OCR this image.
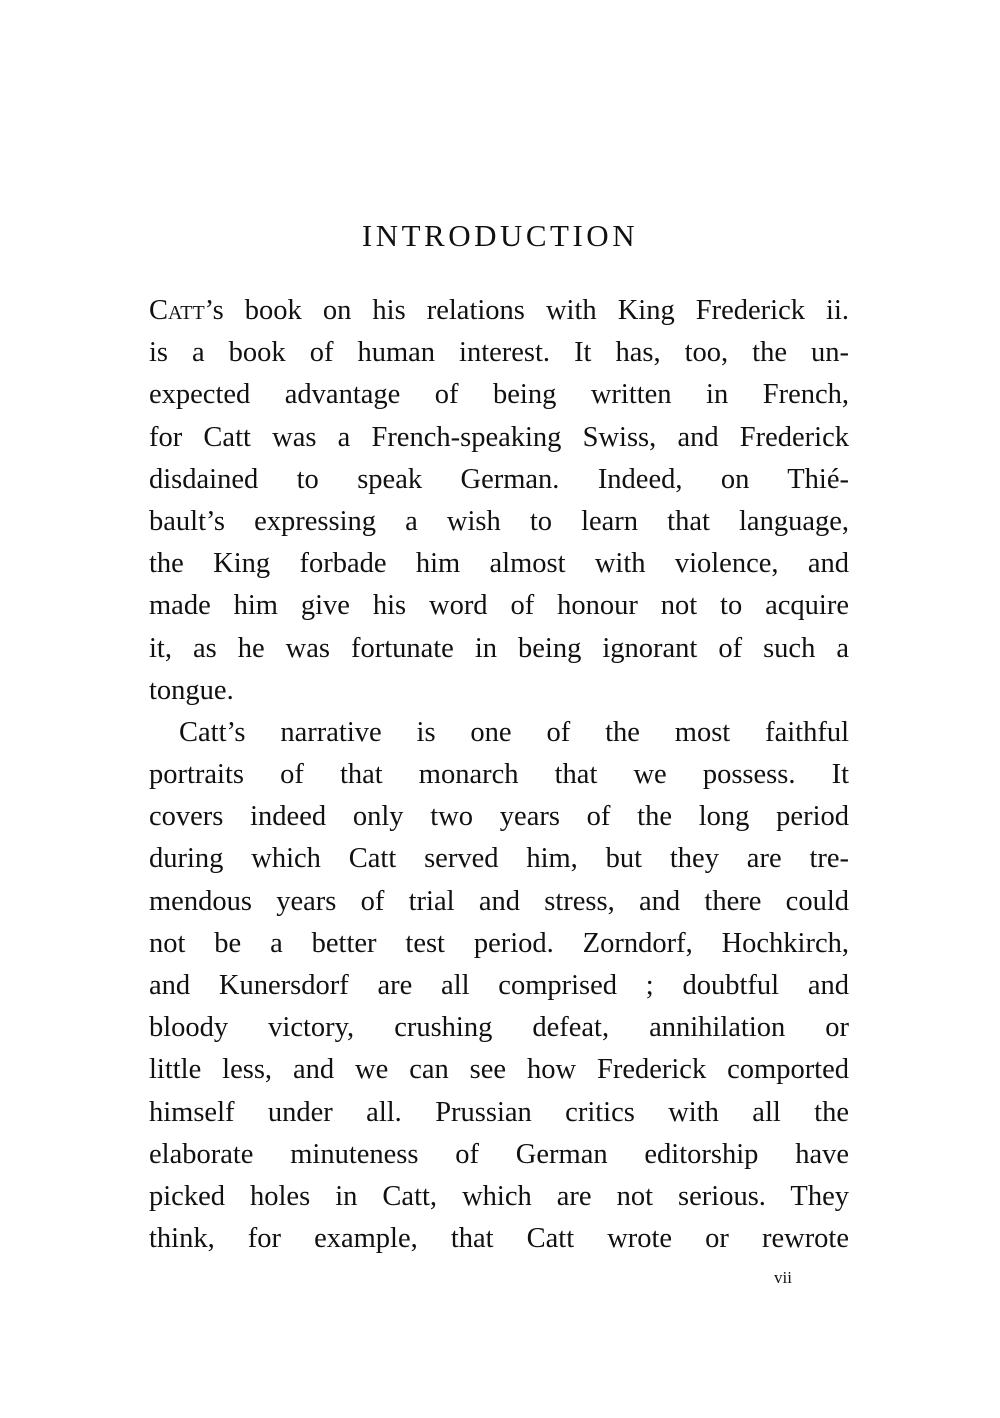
INTRODUCTION
Catt’s book on his relations with King Frederick ii.
is a book of human interest. It has, too, the un-
expected advantage of being written in French,
for Catt was a French-speaking Swiss, and Frederick
disdained to speak German. Indeed, on Thié-
bault’s expressing a wish to learn that language,
the King forbade him almost with violence, and
made him give his word of honour not to acquire
it, as he was fortunate in being ignorant of such a
tongue.
Catt’s narrative is one of the most faithful
portraits of that monarch that we possess. It
covers indeed only two years of the long period
during which Catt served him, but they are tre-
mendous years of trial and stress, and there could
not be a better test period. Zorndorf, Hochkirch,
and Kunersdorf are all comprised ; doubtful and
bloody victory, crushing defeat, annihilation or
little less, and we can see how Frederick comported
himself under all. Prussian critics with all the
elaborate minuteness of German editorship have
picked holes in Catt, which are not serious. They
think, for example, that Catt wrote or rewrote
vii
